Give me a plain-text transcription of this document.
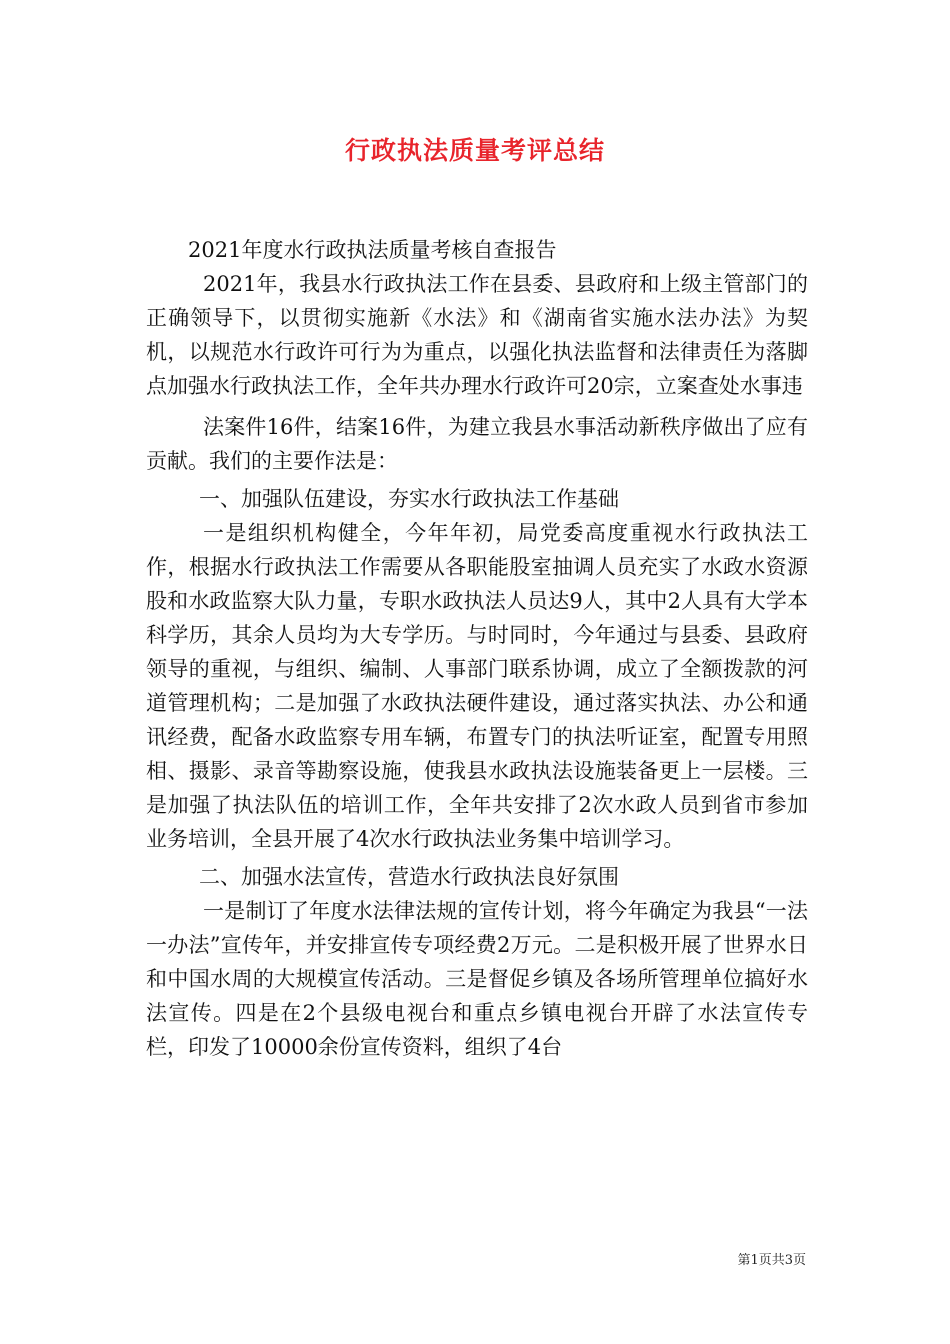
行政执法质量考评总结

2021年度水行政执法质量考核自查报告

2021年，我县水行政执法工作在县委、县政府和上级主管部门的正确领导下，以贯彻实施新《水法》和《湖南省实施水法办法》为契机，以规范水行政许可行为为重点，以强化执法监督和法律责任为落脚点加强水行政执法工作，全年共办理水行政许可20宗，立案查处水事违

法案件16件，结案16件，为建立我县水事活动新秩序做出了应有贡献。我们的主要作法是：

一、加强队伍建设，夯实水行政执法工作基础

一是组织机构健全，今年年初，局党委高度重视水行政执法工作，根据水行政执法工作需要从各职能股室抽调人员充实了水政水资源股和水政监察大队力量，专职水政执法人员达9人，其中2人具有大学本科学历，其余人员均为大专学历。与时同时，今年通过与县委、县政府领导的重视，与组织、编制、人事部门联系协调，成立了全额拨款的河道管理机构；二是加强了水政执法硬件建设，通过落实执法、办公和通讯经费，配备水政监察专用车辆，布置专门的执法听证室，配置专用照相、摄影、录音等勘察设施，使我县水政执法设施装备更上一层楼。三是加强了执法队伍的培训工作，全年共安排了2次水政人员到省市参加业务培训，全县开展了4次水行政执法业务集中培训学习。

二、加强水法宣传，营造水行政执法良好氛围

一是制订了年度水法律法规的宣传计划，将今年确定为我县“一法一办法”宣传年，并安排宣传专项经费2万元。二是积极开展了世界水日和中国水周的大规模宣传活动。三是督促乡镇及各场所管理单位搞好水法宣传。四是在2个县级电视台和重点乡镇电视台开辟了水法宣传专栏，印发了10000余份宣传资料，组织了4台

第1页共3页
